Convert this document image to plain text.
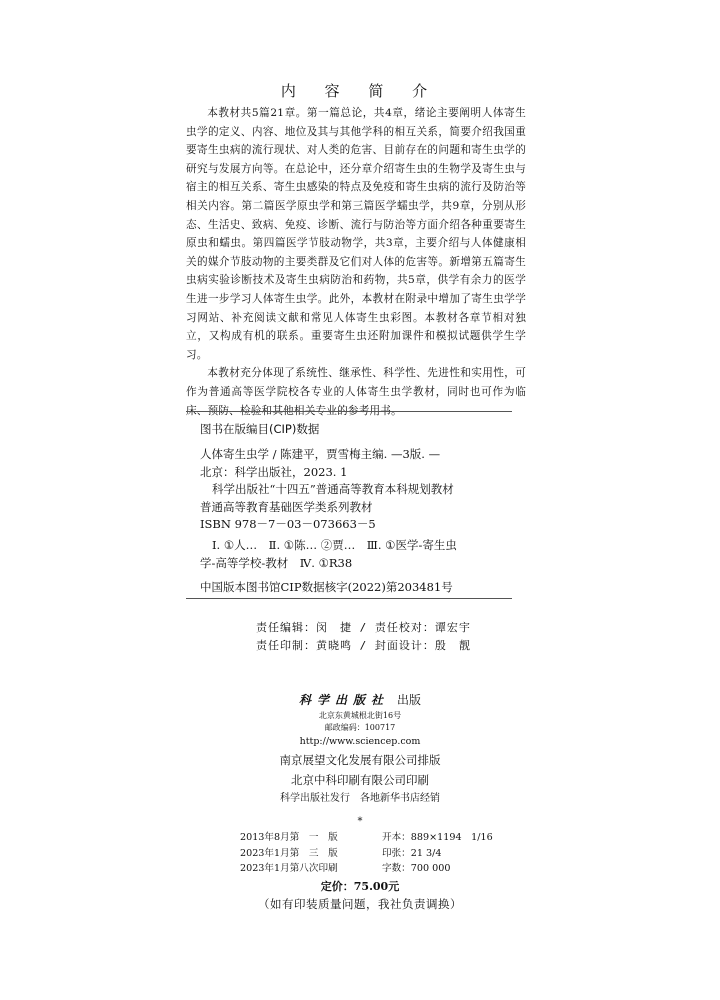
内 容 简 介

本教材共5篇21章。第一篇总论，共4章，绪论主要阐明人体寄生虫学的定义、内容、地位及其与其他学科的相互关系，简要介绍我国重要寄生虫病的流行现状、对人类的危害、目前存在的问题和寄生虫学的研究与发展方向等。在总论中，还分章介绍寄生虫的生物学及寄生虫与宿主的相互关系、寄生虫感染的特点及免疫和寄生虫病的流行及防治等相关内容。第二篇医学原虫学和第三篇医学蠕虫学，共9章，分别从形态、生活史、致病、免疫、诊断、流行与防治等方面介绍各种重要寄生原虫和蠕虫。第四篇医学节肢动物学，共3章，主要介绍与人体健康相关的媒介节肢动物的主要类群及它们对人体的危害等。新增第五篇寄生虫病实验诊断技术及寄生虫病防治和药物，共5章，供学有余力的医学生进一步学习人体寄生虫学。此外，本教材在附录中增加了寄生虫学学习网站、补充阅读文献和常见人体寄生虫彩图。本教材各章节相对独立，又构成有机的联系。重要寄生虫还附加课件和模拟试题供学生学习。

本教材充分体现了系统性、继承性、科学性、先进性和实用性，可作为普通高等医学院校各专业的人体寄生虫学教材，同时也可作为临床、预防、检验和其他相关专业的参考用书。

图书在版编目(CIP)数据
人体寄生虫学 / 陈建平，贾雪梅主编. —3版. —
北京：科学出版社，2023. 1
科学出版社“十四五”普通高等教育本科规划教材
普通高等教育基础医学类系列教材
ISBN 978－7－03－073663－5
Ⅰ. ①人…　Ⅱ. ①陈… ②贾…　Ⅲ. ①医学-寄生虫
学-高等学校-教材　Ⅳ. ①R38
中国版本图书馆CIP数据核字(2022)第203481号
责任编辑：闵　捷 / 责任校对：谭宏宇
责任印制：黄晓鸣 / 封面设计：殷　靓
科学出版社 出版
北京东黄城根北街16号
邮政编码：100717
http://www.sciencep.com
南京展望文化发展有限公司排版
北京中科印刷有限公司印刷
科学出版社发行　各地新华书店经销
*
2013年8月第　一　版	开本：889×1194　1/16
2023年1月第　三　版	印张：21 3/4
2023年1月第八次印刷	字数：700 000
定价：75.00元
（如有印装质量问题，我社负责调换）
